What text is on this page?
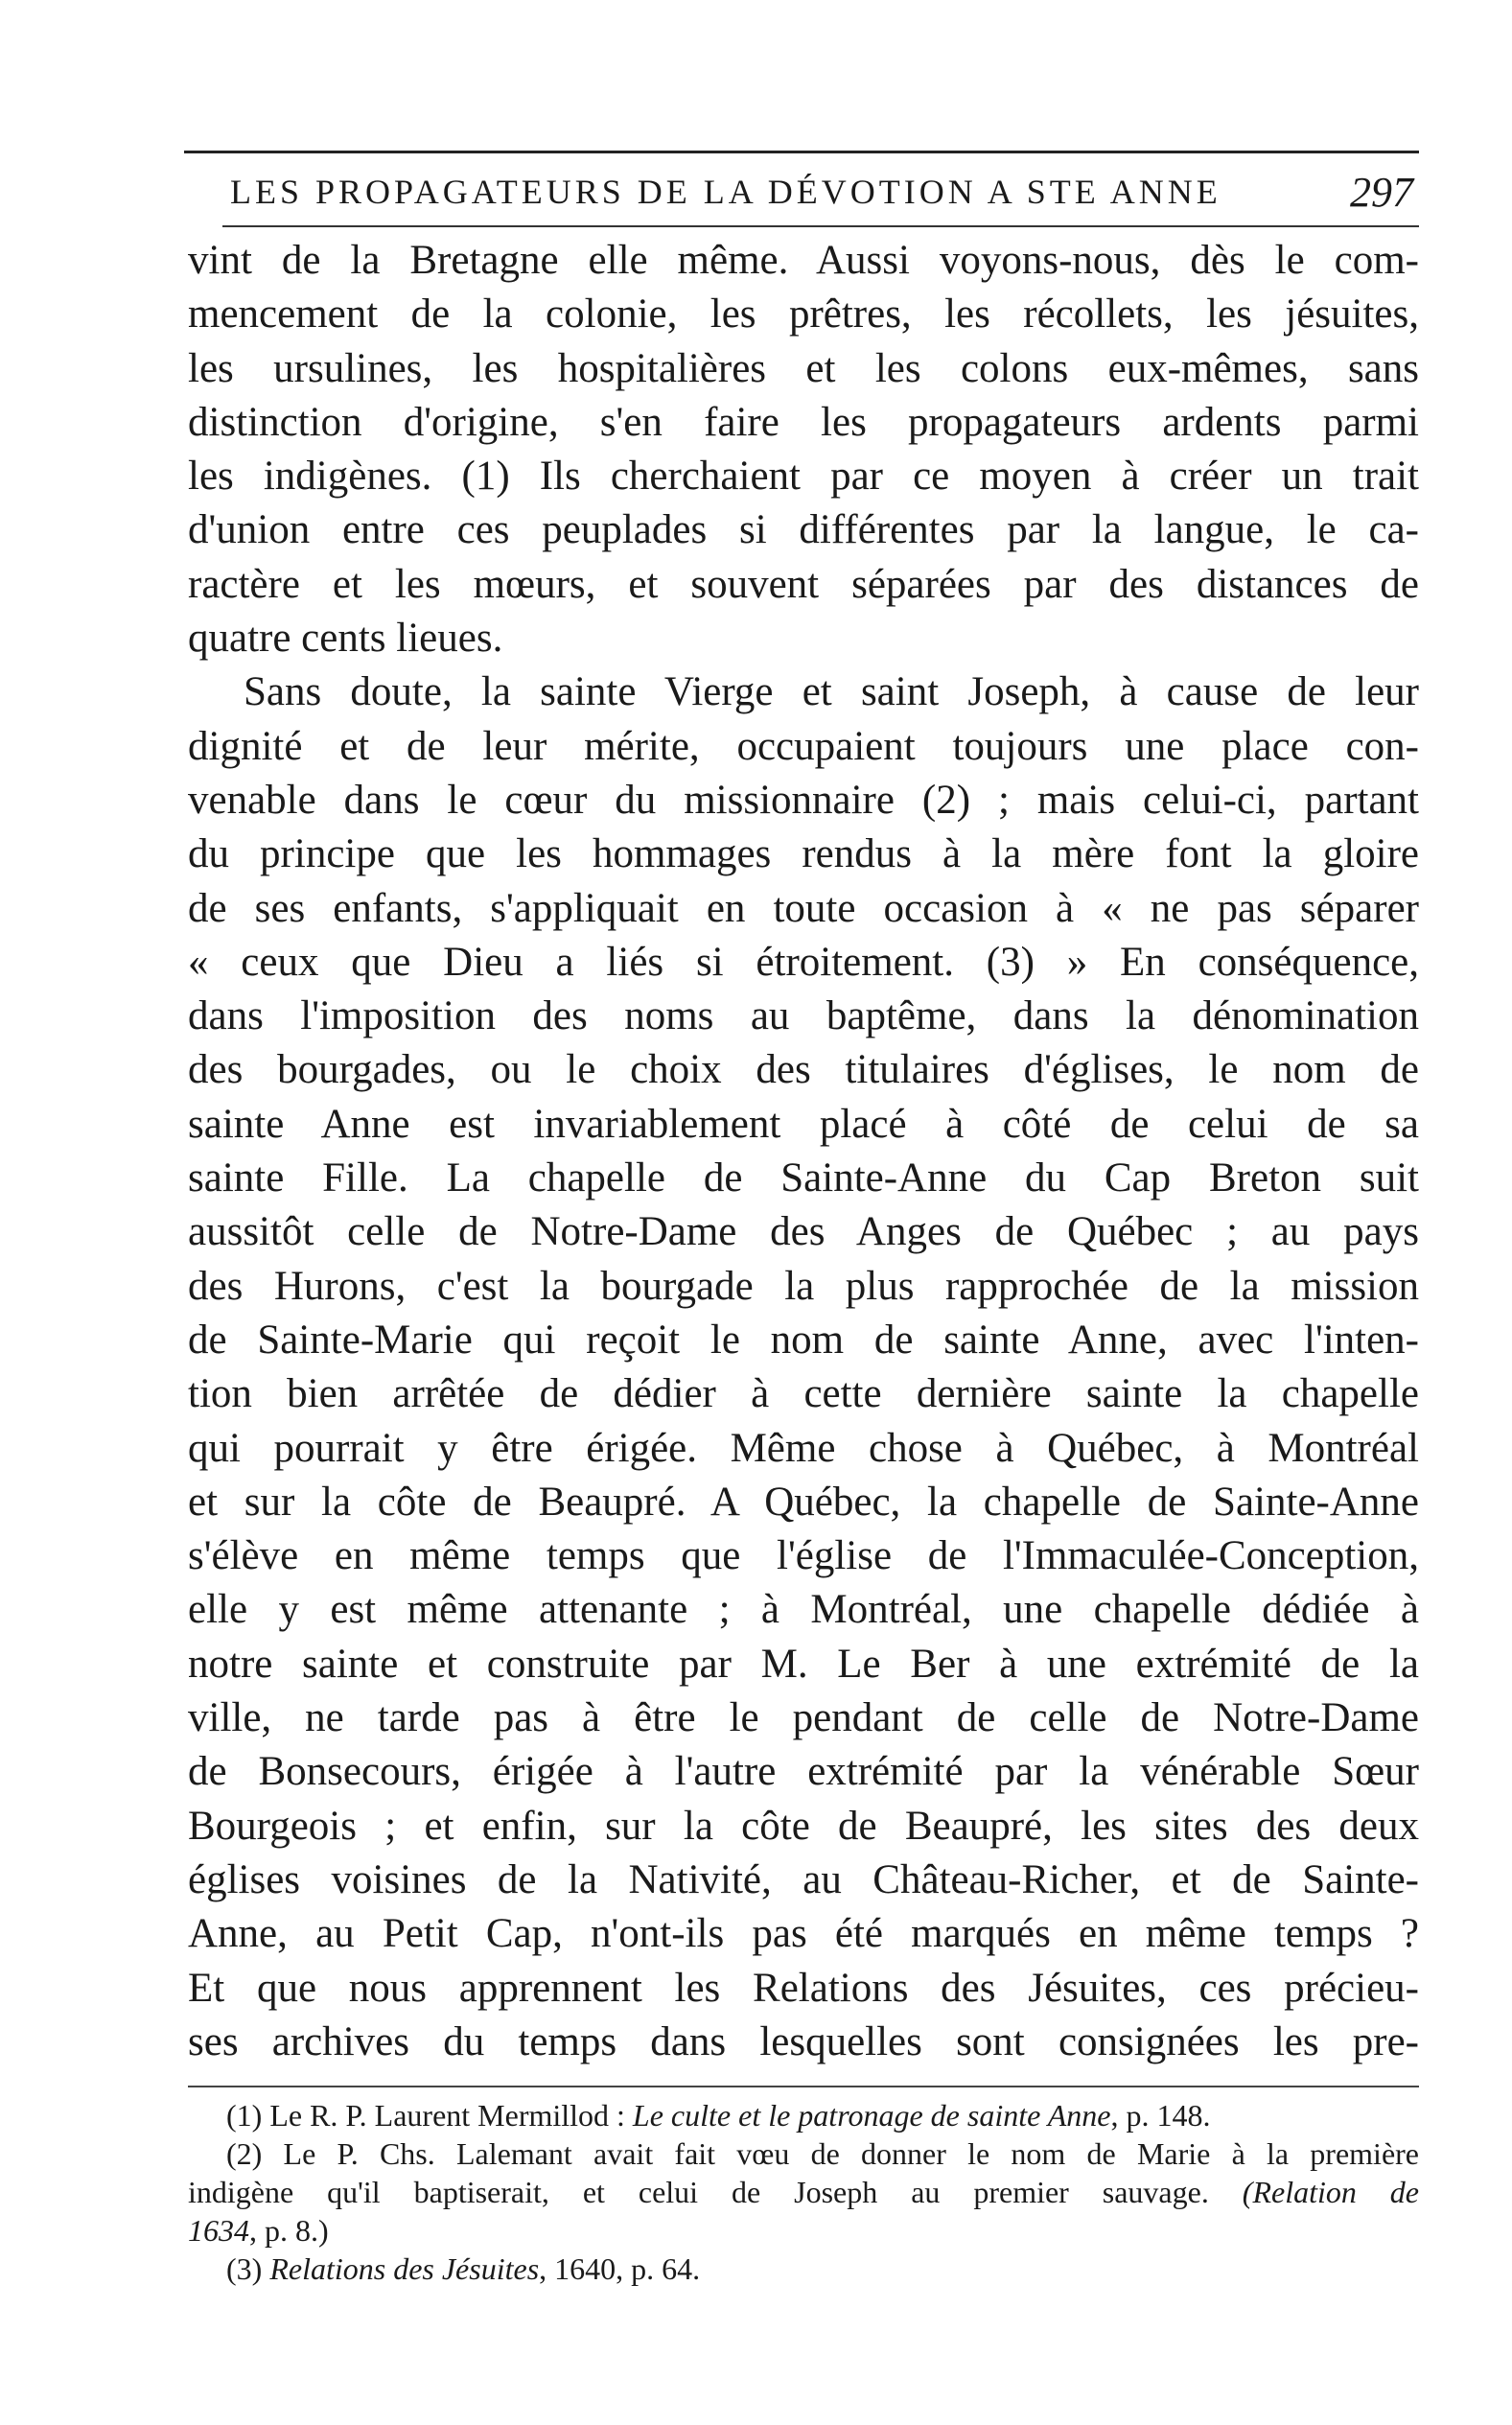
LES PROPAGATEURS DE LA DÉVOTION A STE ANNE	297
vint de la Bretagne elle même. Aussi voyons-nous, dès le com-
mencement de la colonie, les prêtres, les récollets, les jésuites,
les ursulines, les hospitalières et les colons eux-mêmes, sans
distinction d'origine, s'en faire les propagateurs ardents parmi
les indigènes. (1) Ils cherchaient par ce moyen à créer un trait
d'union entre ces peuplades si différentes par la langue, le ca-
ractère et les mœurs, et souvent séparées par des distances de
quatre cents lieues.
Sans doute, la sainte Vierge et saint Joseph, à cause de leur
dignité et de leur mérite, occupaient toujours une place con-
venable dans le cœur du missionnaire (2) ; mais celui-ci, partant
du principe que les hommages rendus à la mère font la gloire
de ses enfants, s'appliquait en toute occasion à « ne pas séparer
« ceux que Dieu a liés si étroitement. (3) » En conséquence,
dans l'imposition des noms au baptême, dans la dénomination
des bourgades, ou le choix des titulaires d'églises, le nom de
sainte Anne est invariablement placé à côté de celui de sa
sainte Fille. La chapelle de Sainte-Anne du Cap Breton suit
aussitôt celle de Notre-Dame des Anges de Québec ; au pays
des Hurons, c'est la bourgade la plus rapprochée de la mission
de Sainte-Marie qui reçoit le nom de sainte Anne, avec l'inten-
tion bien arrêtée de dédier à cette dernière sainte la chapelle
qui pourrait y être érigée. Même chose à Québec, à Montréal
et sur la côte de Beaupré. A Québec, la chapelle de Sainte-Anne
s'élève en même temps que l'église de l'Immaculée-Conception,
elle y est même attenante ; à Montréal, une chapelle dédiée à
notre sainte et construite par M. Le Ber à une extrémité de la
ville, ne tarde pas à être le pendant de celle de Notre-Dame
de Bonsecours, érigée à l'autre extrémité par la vénérable Sœur
Bourgeois ; et enfin, sur la côte de Beaupré, les sites des deux
églises voisines de la Nativité, au Château-Richer, et de Sainte-
Anne, au Petit Cap, n'ont-ils pas été marqués en même temps ?
Et que nous apprennent les Relations des Jésuites, ces précieu-
ses archives du temps dans lesquelles sont consignées les pre-
(1) Le R. P. Laurent Mermillod : Le culte et le patronage de sainte Anne, p. 148.
(2) Le P. Chs. Lalemant avait fait vœu de donner le nom de Marie à la première
indigène qu'il baptiserait, et celui de Joseph au premier sauvage. (Relation de
1634, p. 8.)
(3) Relations des Jésuites, 1640, p. 64.
